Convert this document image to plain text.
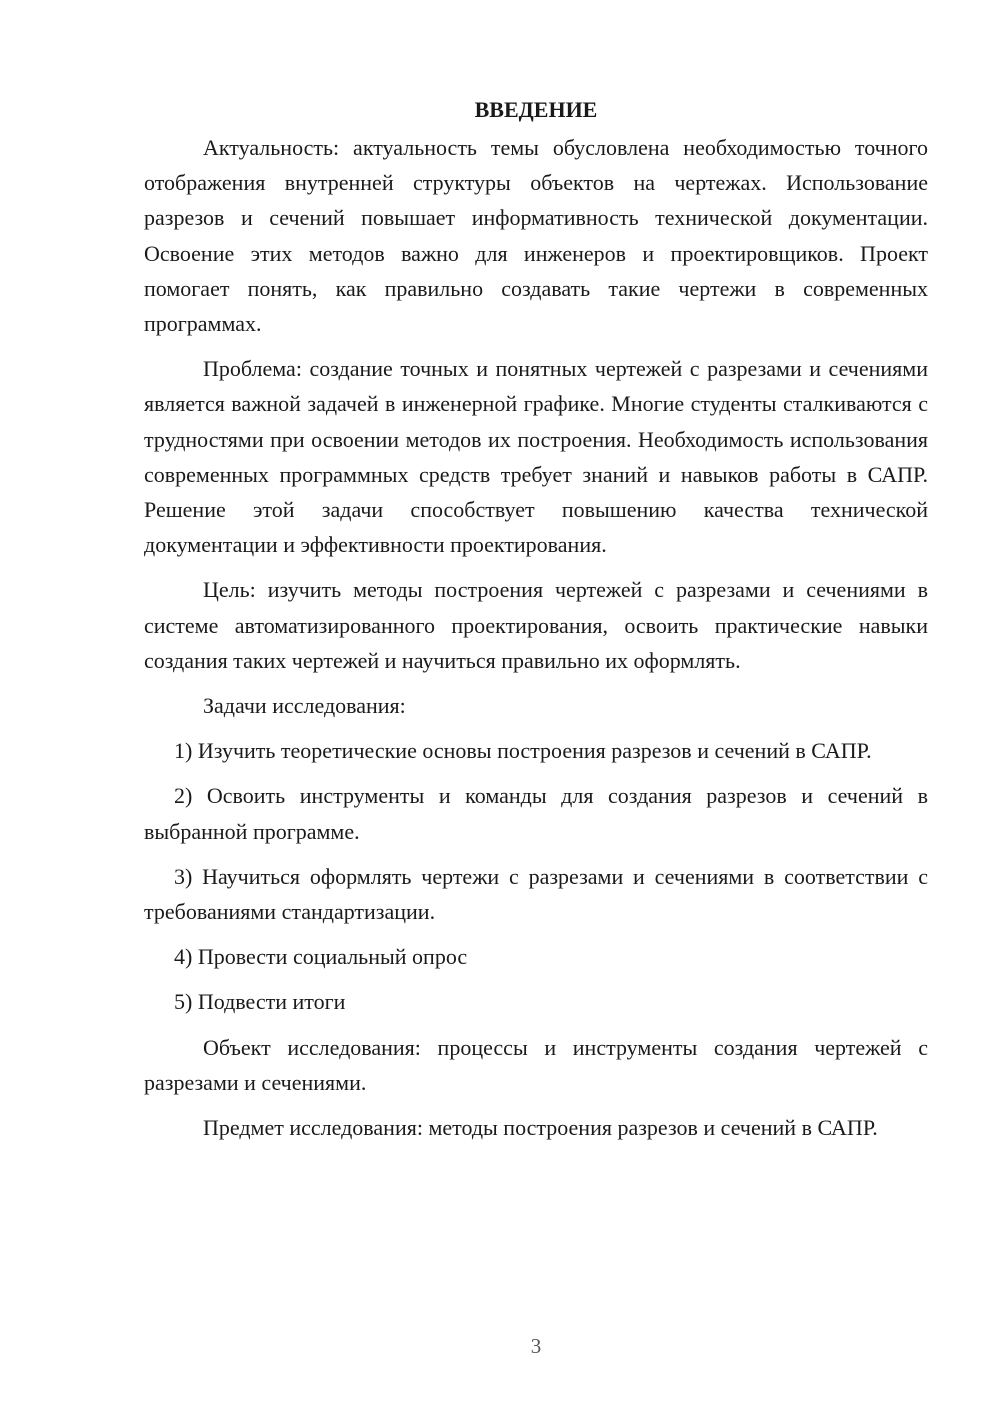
ВВЕДЕНИЕ

Актуальность: актуальность темы обусловлена необходимостью точного отображения внутренней структуры объектов на чертежах. Использование разрезов и сечений повышает информативность технической документации. Освоение этих методов важно для инженеров и проектировщиков. Проект помогает понять, как правильно создавать такие чертежи в современных программах.

Проблема: создание точных и понятных чертежей с разрезами и сечениями является важной задачей в инженерной графике. Многие студенты сталкиваются с трудностями при освоении методов их построения. Необходимость использования современных программных средств требует знаний и навыков работы в САПР. Решение этой задачи способствует повышению качества технической документации и эффективности проектирования.

Цель: изучить методы построения чертежей с разрезами и сечениями в системе автоматизированного проектирования, освоить практические навыки создания таких чертежей и научиться правильно их оформлять.

Задачи исследования:

1) Изучить теоретические основы построения разрезов и сечений в САПР.

2) Освоить инструменты и команды для создания разрезов и сечений в выбранной программе.

3) Научиться оформлять чертежи с разрезами и сечениями в соответствии с требованиями стандартизации.

4) Провести социальный опрос

5) Подвести итоги

Объект исследования: процессы и инструменты создания чертежей с разрезами и сечениями.

Предмет исследования: методы построения разрезов и сечений в САПР.

3
